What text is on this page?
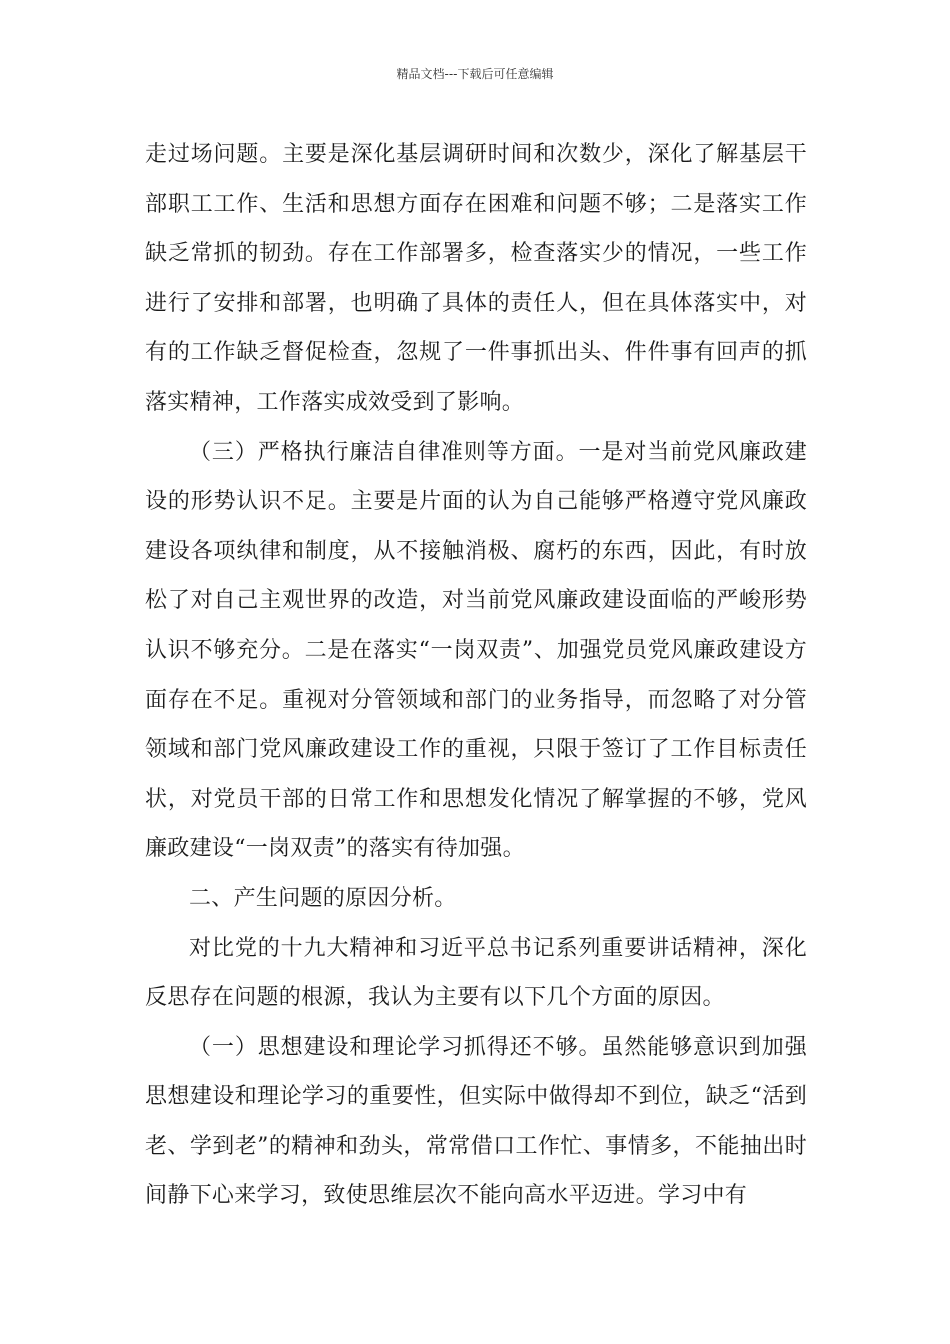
精品文档---下载后可任意编辑

走过场问题。主要是深化基层调研时间和次数少，深化了解基层干部职工工作、生活和思想方面存在困难和问题不够；二是落实工作缺乏常抓的韧劲。存在工作部署多，检查落实少的情况，一些工作进行了安排和部署，也明确了具体的责任人，但在具体落实中，对有的工作缺乏督促检查，忽规了一件事抓出头、件件事有回声的抓落实精神，工作落实成效受到了影响。

（三）严格执行廉洁自律准则等方面。一是对当前党风廉政建设的形势认识不足。主要是片面的认为自己能够严格遵守党风廉政建设各项纨律和制度，从不接触消极、腐朽的东西，因此，有时放松了对自己主观世界的改造，对当前党风廉政建设面临的严峻形势认识不够充分。二是在落实“一岗双责”、加强党员党风廉政建设方面存在不足。重视对分管领域和部门的业务指导，而忽略了对分管领域和部门党风廉政建设工作的重视，只限于签订了工作目标责任状，对党员干部的日常工作和思想发化情况了解掌握的不够，党风廉政建设“一岗双责”的落实有待加强。

二、产生问题的原因分析。

对比党的十九大精神和习近平总书记系列重要讲话精神，深化反思存在问题的根源，我认为主要有以下几个方面的原因。

（一）思想建设和理论学习抓得还不够。虽然能够意识到加强思想建设和理论学习的重要性，但实际中做得却不到位，缺乏“活到老、学到老”的精神和劲头，常常借口工作忙、事情多，不能抽出时间静下心来学习，致使思维层次不能向高水平迈进。学习中有
